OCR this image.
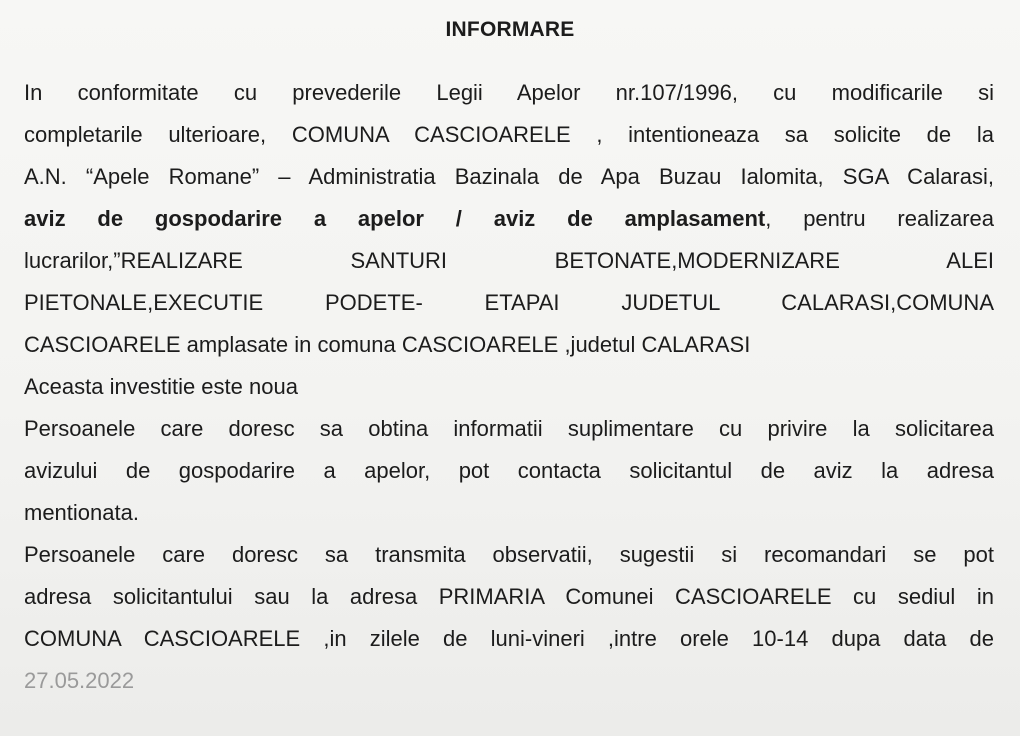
INFORMARE
In conformitate cu prevederile Legii Apelor nr.107/1996, cu modificarile si
completarile ulterioare, COMUNA CASCIOARELE , intentioneaza sa solicite de la
A.N. “Apele Romane” – Administratia Bazinala de Apa Buzau Ialomita, SGA Calarasi,
aviz de gospodarire a apelor / aviz de amplasament, pentru realizarea
lucrarilor,”REALIZARE SANTURI BETONATE,MODERNIZARE ALEI
PIETONALE,EXECUTIE PODETE- ETAPAI JUDETUL CALARASI,COMUNA
CASCIOARELE amplasate in comuna CASCIOARELE ,judetul CALARASI
Aceasta investitie este noua
Persoanele care doresc sa obtina informatii suplimentare cu privire la solicitarea
avizului de gospodarire a apelor, pot contacta solicitantul de aviz la adresa
mentionata.
Persoanele care doresc sa transmita observatii, sugestii si recomandari se pot
adresa solicitantului sau la adresa PRIMARIA Comunei CASCIOARELE cu sediul in
COMUNA CASCIOARELE ,in zilele de luni-vineri ,intre orele 10-14 dupa data de
27.05.2022
